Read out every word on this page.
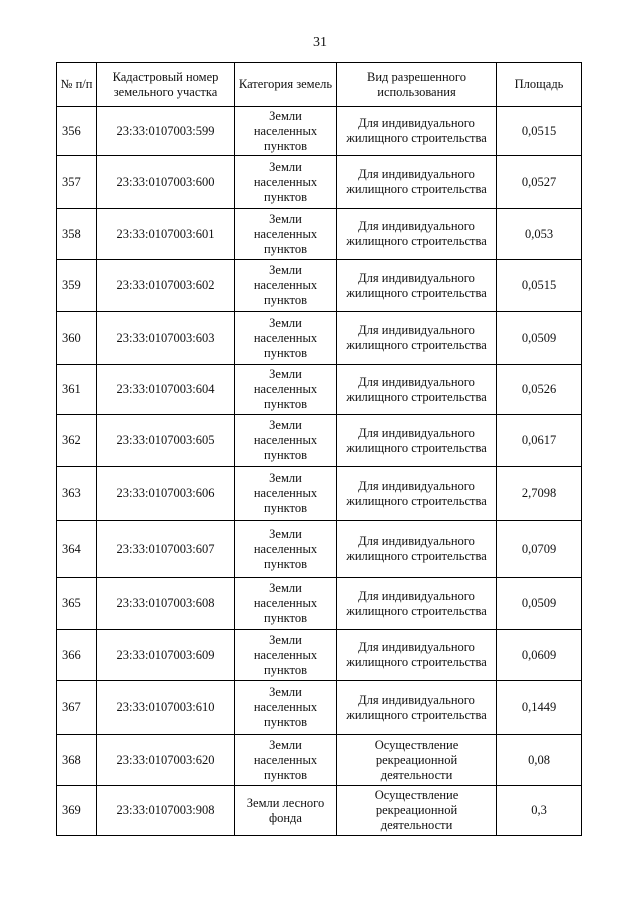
31
№ п/п	Кадастровый номер земельного участка	Категория земель	Вид разрешенного использования	Площадь
356	23:33:0107003:599	Земли населенных пунктов	Для индивидуального жилищного строительства	0,0515
357	23:33:0107003:600	Земли населенных пунктов	Для индивидуального жилищного строительства	0,0527
358	23:33:0107003:601	Земли населенных пунктов	Для индивидуального жилищного строительства	0,053
359	23:33:0107003:602	Земли населенных пунктов	Для индивидуального жилищного строительства	0,0515
360	23:33:0107003:603	Земли населенных пунктов	Для индивидуального жилищного строительства	0,0509
361	23:33:0107003:604	Земли населенных пунктов	Для индивидуального жилищного строительства	0,0526
362	23:33:0107003:605	Земли населенных пунктов	Для индивидуального жилищного строительства	0,0617
363	23:33:0107003:606	Земли населенных пунктов	Для индивидуального жилищного строительства	2,7098
364	23:33:0107003:607	Земли населенных пунктов	Для индивидуального жилищного строительства	0,0709
365	23:33:0107003:608	Земли населенных пунктов	Для индивидуального жилищного строительства	0,0509
366	23:33:0107003:609	Земли населенных пунктов	Для индивидуального жилищного строительства	0,0609
367	23:33:0107003:610	Земли населенных пунктов	Для индивидуального жилищного строительства	0,1449
368	23:33:0107003:620	Земли населенных пунктов	Осуществление рекреационной деятельности	0,08
369	23:33:0107003:908	Земли лесного фонда	Осуществление рекреационной деятельности	0,3
